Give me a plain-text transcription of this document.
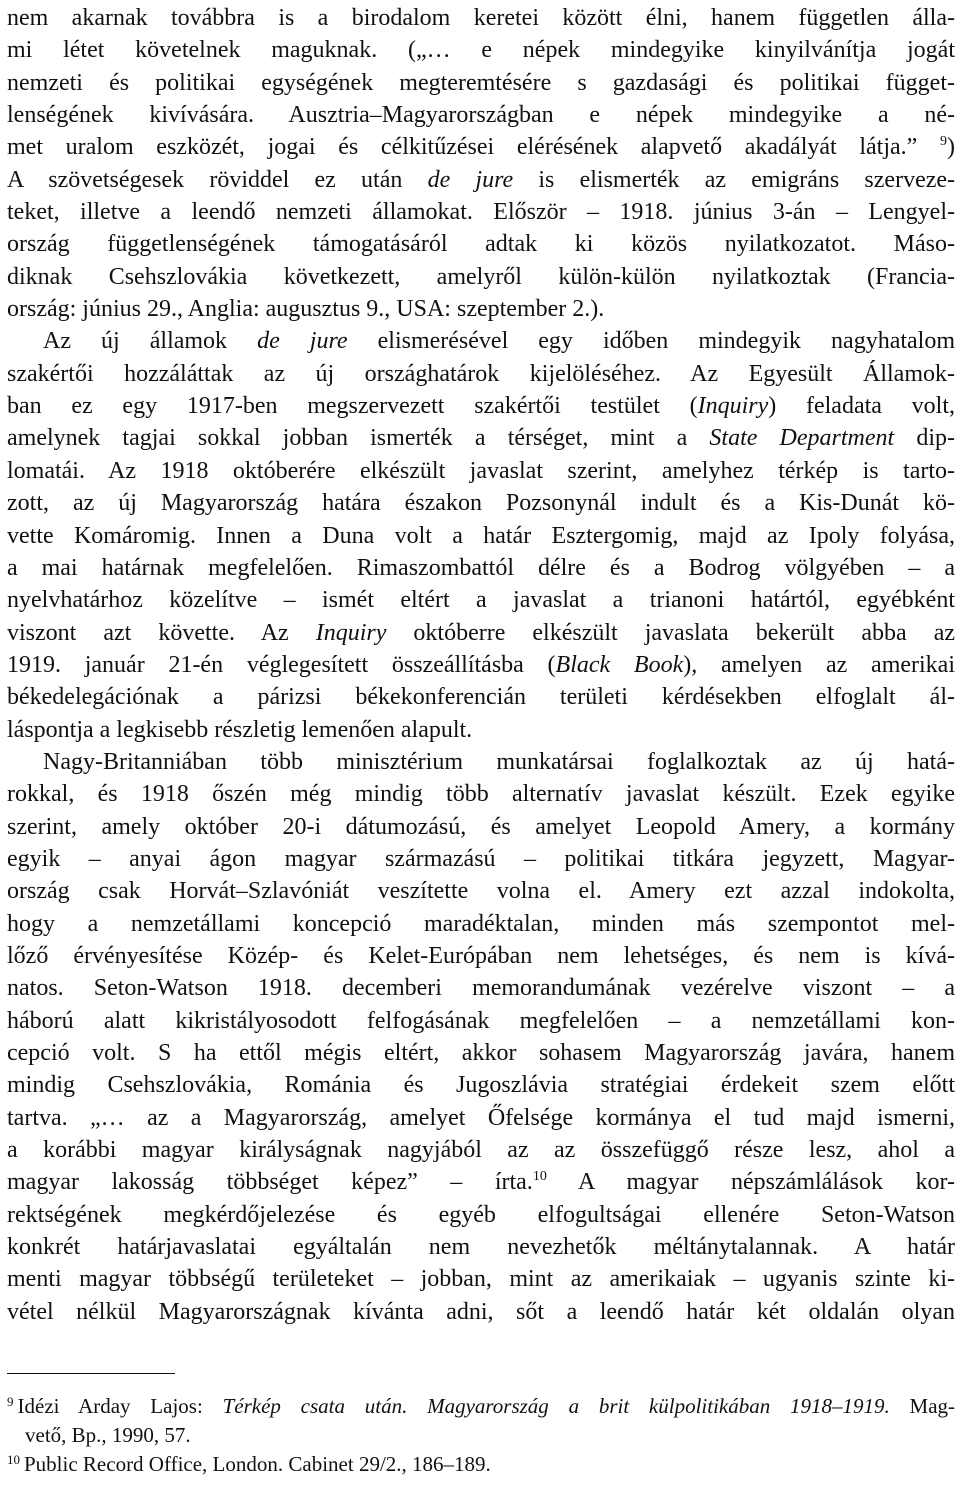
nem akarnak továbbra is a birodalom keretei között élni, hanem független álla-
mi létet követelnek maguknak. („… e népek mindegyike kinyilvánítja jogát
nemzeti és politikai egységének megteremtésére s gazdasági és politikai függet-
lenségének kivívására. Ausztria–Magyarországban e népek mindegyike a né-
met uralom eszközét, jogai és célkitűzései elérésének alapvető akadályát látja.” $^9$)
A szövetségesek röviddel ez után de jure is elismerték az emigráns szerveze-
teket, illetve a leendő nemzeti államokat. Először – 1918. június 3-án – Lengyel-
ország függetlenségének támogatásáról adtak ki közös nyilatkozatot. Máso-
diknak Csehszlovákia következett, amelyről külön-külön nyilatkoztak (Francia-
ország: június 29., Anglia: augusztus 9., USA: szeptember 2.).
Az új államok de jure elismerésével egy időben mindegyik nagyhatalom
szakértői hozzáláttak az új országhatárok kijelöléséhez. Az Egyesült Államok-
ban ez egy 1917-ben megszervezett szakértői testület (Inquiry) feladata volt,
amelynek tagjai sokkal jobban ismerték a térséget, mint a State Department dip-
lomatái. Az 1918 októberére elkészült javaslat szerint, amelyhez térkép is tarto-
zott, az új Magyarország határa északon Pozsonynál indult és a Kis-Dunát kö-
vette Komáromig. Innen a Duna volt a határ Esztergomig, majd az Ipoly folyása,
a mai határnak megfelelően. Rimaszombattól délre és a Bodrog völgyében – a
nyelvhatárhoz közelítve – ismét eltért a javaslat a trianoni határtól, egyébként
viszont azt követte. Az Inquiry októberre elkészült javaslata bekerült abba az
1919. január 21-én véglegesített összeállításba (Black Book), amelyen az amerikai
békedelegációnak a párizsi békekonferencián területi kérdésekben elfoglalt ál-
láspontja a legkisebb részletig lemenően alapult.
Nagy-Britanniában több minisztérium munkatársai foglalkoztak az új hatá-
rokkal, és 1918 őszén még mindig több alternatív javaslat készült. Ezek egyike
szerint, amely október 20-i dátumozású, és amelyet Leopold Amery, a kormány
egyik – anyai ágon magyar származású – politikai titkára jegyzett, Magyar-
ország csak Horvát–Szlavóniát veszítette volna el. Amery ezt azzal indokolta,
hogy a nemzetállami koncepció maradéktalan, minden más szempontot mel-
lőző érvényesítése Közép- és Kelet-Európában nem lehetséges, és nem is kívá-
natos. Seton-Watson 1918. decemberi memorandumának vezérelve viszont – a
háború alatt kikristályosodott felfogásának megfelelően – a nemzetállami kon-
cepció volt. S ha ettől mégis eltért, akkor sohasem Magyarország javára, hanem
mindig Csehszlovákia, Románia és Jugoszlávia stratégiai érdekeit szem előtt
tartva. „… az a Magyarország, amelyet Őfelsége kormánya el tud majd ismerni,
a korábbi magyar királyságnak nagyjából az az összefüggő része lesz, ahol a
magyar lakosság többséget képez” – írta.$^{10}$ A magyar népszámlálások kor-
rektségének megkérdőjelezése és egyéb elfogultságai ellenére Seton-Watson
konkrét határjavaslatai egyáltalán nem nevezhetők méltánytalannak. A határ
menti magyar többségű területeket – jobban, mint az amerikaiak – ugyanis szinte ki-
vétel nélkül Magyarországnak kívánta adni, sőt a leendő határ két oldalán olyan
$^9$ Idézi Arday Lajos: Térkép csata után. Magyarország a brit külpolitikában 1918–1919. Mag-
vető, Bp., 1990, 57.
$^{10}$ Public Record Office, London. Cabinet 29/2., 186–189.
